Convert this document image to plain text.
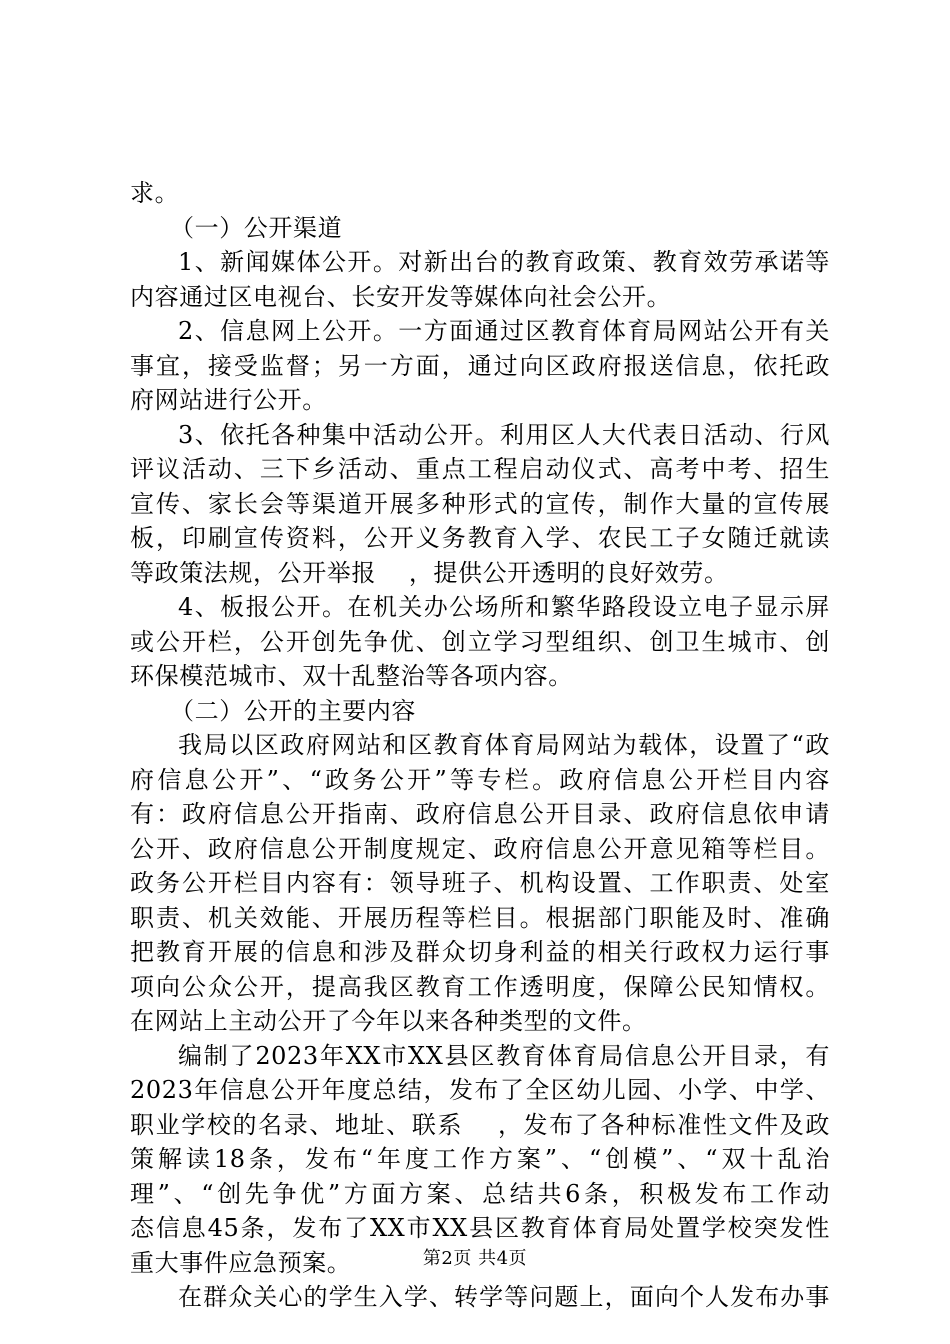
求。
（一）公开渠道
1、新闻媒体公开。对新出台的教育政策、教育效劳承诺等
内容通过区电视台、长安开发等媒体向社会公开。
2、信息网上公开。一方面通过区教育体育局网站公开有关
事宜，接受监督；另一方面，通过向区政府报送信息，依托政
府网站进行公开。
3、依托各种集中活动公开。利用区人大代表日活动、行风
评议活动、三下乡活动、重点工程启动仪式、高考中考、招生
宣传、家长会等渠道开展多种形式的宣传，制作大量的宣传展
板，印刷宣传资料，公开义务教育入学、农民工子女随迁就读
等政策法规，公开举报 　，提供公开透明的良好效劳。
4、板报公开。在机关办公场所和繁华路段设立电子显示屏
或公开栏，公开创先争优、创立学习型组织、创卫生城市、创
环保模范城市、双十乱整治等各项内容。
（二）公开的主要内容
我局以区政府网站和区教育体育局网站为载体，设置了“政
府信息公开”、“政务公开”等专栏。政府信息公开栏目内容
有：政府信息公开指南、政府信息公开目录、政府信息依申请
公开、政府信息公开制度规定、政府信息公开意见箱等栏目。
政务公开栏目内容有：领导班子、机构设置、工作职责、处室
职责、机关效能、开展历程等栏目。根据部门职能及时、准确
把教育开展的信息和涉及群众切身利益的相关行政权力运行事
项向公众公开，提高我区教育工作透明度，保障公民知情权。
在网站上主动公开了今年以来各种类型的文件。
编制了2023年XX市XX县区教育体育局信息公开目录，有
2023年信息公开年度总结，发布了全区幼儿园、小学、中学、
职业学校的名录、地址、联系 　，发布了各种标准性文件及政
策解读18条，发布“年度工作方案”、“创模”、“双十乱治
理”、“创先争优”方面方案、总结共6条，积极发布工作动
态信息45条，发布了XX市XX县区教育体育局处置学校突发性
重大事件应急预案。
在群众关心的学生入学、转学等问题上，面向个人发布办事
第2页 共4页
